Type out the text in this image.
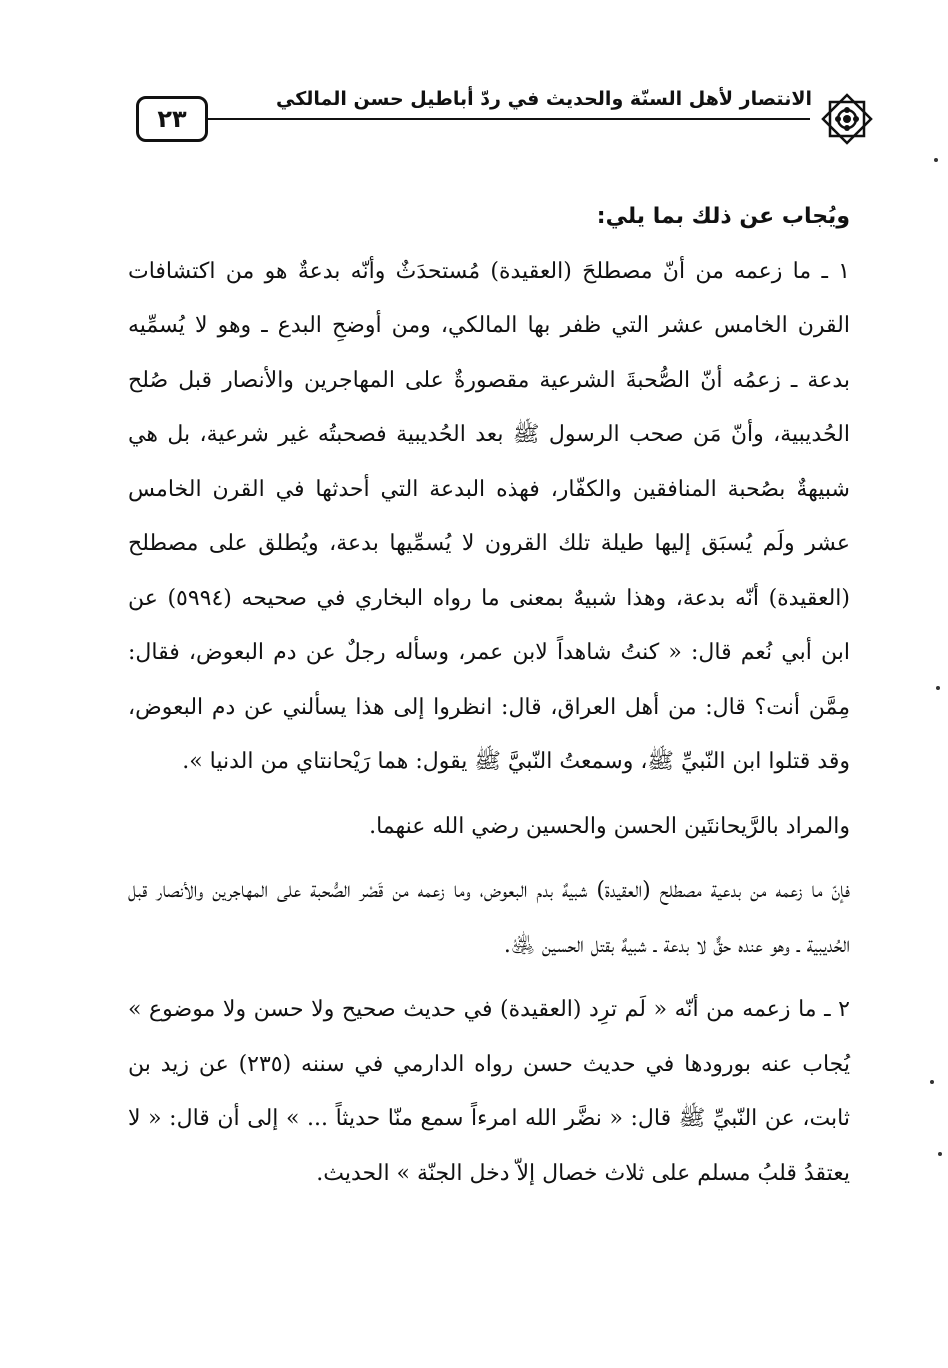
٢٣
الانتصار لأهل السنّة والحديث في ردّ أباطيل حسن المالكي

ويُجاب عن ذلك بما يلي:

١ ـ ما زعمه من أنّ مصطلحَ (العقيدة) مُستحدَثٌ وأنّه بدعةٌ هو من اكتشافات القرن الخامس عشر التي ظفر بها المالكي، ومن أوضحِ البدع ـ وهو لا يُسمِّيه بدعة ـ زعمُه أنّ الصُّحبةَ الشرعية مقصورةٌ على المهاجرين والأنصار قبل صُلح الحُديبية، وأنّ مَن صحب الرسول ﷺ بعد الحُديبية فصحبتُه غير شرعية، بل هي شبيهةٌ بصُحبة المنافقين والكفّار، فهذه البدعة التي أحدثها في القرن الخامس عشر ولَم يُسبَق إليها طيلة تلك القرون لا يُسمِّيها بدعة، ويُطلق على مصطلح (العقيدة) أنّه بدعة، وهذا شبيهٌ بمعنى ما رواه البخاري في صحيحه (٥٩٩٤) عن ابن أبي نُعم قال: « كنتُ شاهداً لابن عمر، وسأله رجلٌ عن دم البعوض، فقال: مِمَّن أنت؟ قال: من أهل العراق، قال: انظروا إلى هذا يسألني عن دم البعوض، وقد قتلوا ابن النّبيِّ ﷺ، وسمعتُ النّبيَّ ﷺ يقول: هما رَيْحانتاي من الدنيا ».

والمراد بالرَّيحانتَين الحسن والحسين رضي الله عنهما.

فإنّ ما زعمه من بدعية مصطلح (العقيدة) شبيهٌ بدم البعوض، وما زعمه من قَصْر الصُّحبة على المهاجرين والأنصار قبل الحُديبية ـ وهو عنده حقٌّ لا بدعة ـ شبيهٌ بقتل الحسين ﵁.

٢ ـ ما زعمه من أنّه « لَم ترِد (العقيدة) في حديث صحيح ولا حسن ولا موضوع » يُجاب عنه بورودها في حديث حسن رواه الدارمي في سننه (٢٣٥) عن زيد بن ثابت، عن النّبيِّ ﷺ قال: « نضَّر الله امرءاً سمع منّا حديثاً ... » إلى أن قال: « لا يعتقدُ قلبُ مسلم على ثلاث خصال إلاّ دخل الجنّة » الحديث.
